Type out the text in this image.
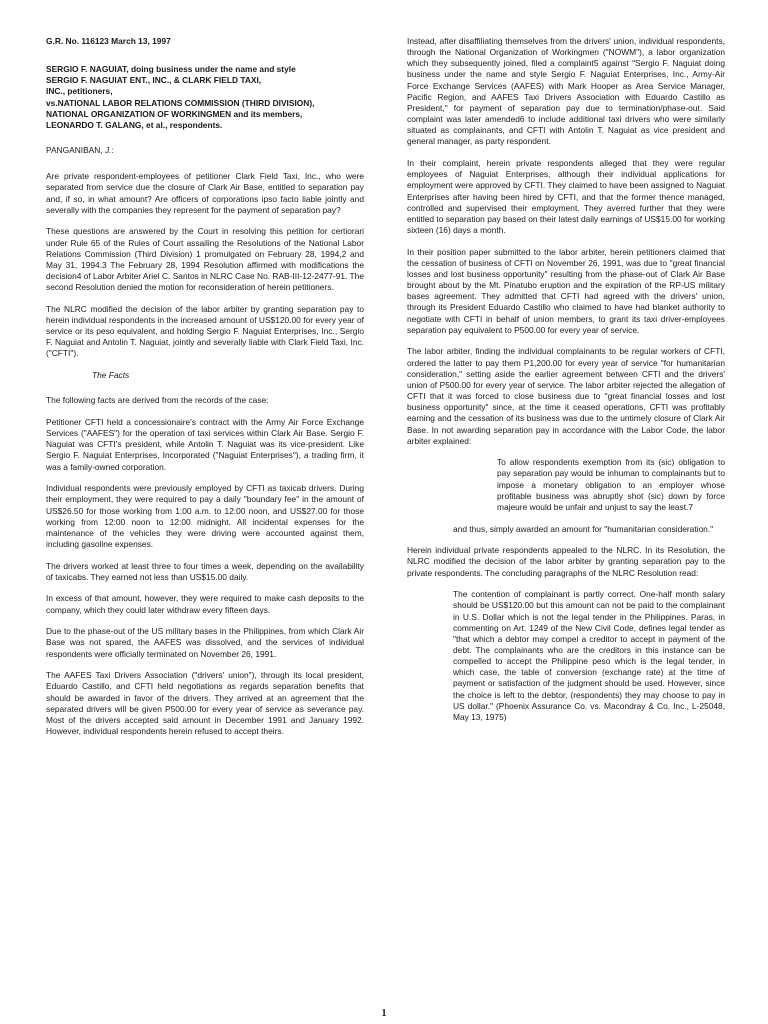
G.R. No. 116123 March 13, 1997

SERGIO F. NAGUIAT, doing business under the name and style
SERGIO F. NAGUIAT ENT., INC., & CLARK FIELD TAXI,
INC., petitioners,
vs.NATIONAL LABOR RELATIONS COMMISSION (THIRD DIVISION),
NATIONAL ORGANIZATION OF WORKINGMEN and its members,
LEONARDO T. GALANG, et al., respondents.

PANGANIBAN, J.:

Are private respondent-employees of petitioner Clark Field Taxi, Inc., who were separated from service due the closure of Clark Air Base, entitled to separation pay and, if so, in what amount? Are officers of corporations ipso facto liable jointly and severally with the companies they represent for the payment of separation pay?

These questions are answered by the Court in resolving this petition for certiorari under Rule 65 of the Rules of Court assailing the Resolutions of the National Labor Relations Commission (Third Division) 1 promulgated on February 28, 1994,2 and May 31, 1994.3 The February 28, 1994 Resolution affirmed with modifications the decision4 of Labor Arbiter Ariel C. Santos in NLRC Case No. RAB-III-12-2477-91. The second Resolution denied the motion for reconsideration of herein petitioners.

The NLRC modified the decision of the labor arbiter by granting separation pay to herein individual respondents in the increased amount of US$120.00 for every year of service or its peso equivalent, and holding Sergio F. Naguiat Enterprises, Inc., Sergio F. Naguiat and Antolin T. Naguiat, jointly and severally liable with Clark Field Taxi, Inc. ("CFTI").

The Facts

The following facts are derived from the records of the case:

Petitioner CFTI held a concessionaire's contract with the Army Air Force Exchange Services ("AAFES") for the operation of taxi services within Clark Air Base. Sergio F. Naguiat was CFTI's president, while Antolin T. Naguiat was its vice-president. Like Sergio F. Naguiat Enterprises, Incorporated ("Naguiat Enterprises"), a trading firm, it was a family-owned corporation.

Individual respondents were previously employed by CFTI as taxicab drivers. During their employment, they were required to pay a daily "boundary fee" in the amount of US$26.50 for those working from 1:00 a.m. to 12:00 noon, and US$27.00 for those working from 12:00 noon to 12:00 midnight. All incidental expenses for the maintenance of the vehicles they were driving were accounted against them, including gasoline expenses.

The drivers worked at least three to four times a week, depending on the availability of taxicabs. They earned not less than US$15.00 daily.

In excess of that amount, however, they were required to make cash deposits to the company, which they could later withdraw every fifteen days.

Due to the phase-out of the US military bases in the Philippines, from which Clark Air Base was not spared, the AAFES was dissolved, and the services of individual respondents were officially terminated on November 26, 1991.

The AAFES Taxi Drivers Association ("drivers' union"), through its local president, Eduardo Castillo, and CFTI held negotiations as regards separation benefits that should be awarded in favor of the drivers. They arrived at an agreement that the separated drivers will be given P500.00 for every year of service as severance pay. Most of the drivers accepted said amount in December 1991 and January 1992. However, individual respondents herein refused to accept theirs.

Instead, after disaffiliating themselves from the drivers' union, individual respondents, through the National Organization of Workingmen ("NOWM"), a labor organization which they subsequently joined, filed a complaint5 against "Sergio F. Naguiat doing business under the name and style Sergio F. Naguiat Enterprises, Inc., Army-Air Force Exchange Services (AAFES) with Mark Hooper as Area Service Manager, Pacific Region, and AAFES Taxi Drivers Association with Eduardo Castillo as President," for payment of separation pay due to termination/phase-out. Said complaint was later amended6 to include additional taxi drivers who were similarly situated as complainants, and CFTI with Antolin T. Naguiat as vice president and general manager, as party respondent.

In their complaint, herein private respondents alleged that they were regular employees of Naguiat Enterprises, although their individual applications for employment were approved by CFTI. They claimed to have been assigned to Naguiat Enterprises after having been hired by CFTI, and that the former thence managed, controlled and supervised their employment. They averred further that they were entitled to separation pay based on their latest daily earnings of US$15.00 for working sixteen (16) days a month.

In their position paper submitted to the labor arbiter, herein petitioners claimed that the cessation of business of CFTI on November 26, 1991, was due to "great financial losses and lost business opportunity" resulting from the phase-out of Clark Air Base brought about by the Mt. Pinatubo eruption and the expiration of the RP-US military bases agreement. They admitted that CFTI had agreed with the drivers' union, through its President Eduardo Castillo who claimed to have had blanket authority to negotiate with CFTI in behalf of union members, to grant its taxi driver-employees separation pay equivalent to P500.00 for every year of service.

The labor arbiter, finding the individual complainants to be regular workers of CFTI, ordered the latter to pay them P1,200.00 for every year of service "for humanitarian consideration," setting aside the earlier agreement between CFTI and the drivers' union of P500.00 for every year of service. The labor arbiter rejected the allegation of CFTI that it was forced to close business due to "great financial losses and lost business opportunity" since, at the time it ceased operations, CFTI was profitably earning and the cessation of its business was due to the untimely closure of Clark Air Base. In not awarding separation pay in accordance with the Labor Code, the labor arbiter explained:

To allow respondents exemption from its (sic) obligation to pay separation pay would be inhuman to complainants but to impose a monetary obligation to an employer whose profitable business was abruptly shot (sic) down by force majeure would be unfair and unjust to say the least.7

and thus, simply awarded an amount for "humanitarian consideration."

Herein individual private respondents appealed to the NLRC. In its Resolution, the NLRC modified the decision of the labor arbiter by granting separation pay to the private respondents. The concluding paragraphs of the NLRC Resolution read:

The contention of complainant is partly correct. One-half month salary should be US$120.00 but this amount can not be paid to the complainant in U.S. Dollar which is not the legal tender in the Philippines. Paras, in commenting on Art. 1249 of the New Civil Code, defines legal tender as "that which a debtor may compel a creditor to accept in payment of the debt. The complainants who are the creditors in this instance can be compelled to accept the Philippine peso which is the legal tender, in which case, the table of conversion (exchange rate) at the time of payment or satisfaction of the judgment should be used. However, since the choice is left to the debtor, (respondents) they may choose to pay in US dollar." (Phoenix Assurance Co. vs. Macondray & Co. Inc., L-25048, May 13, 1975)

1
